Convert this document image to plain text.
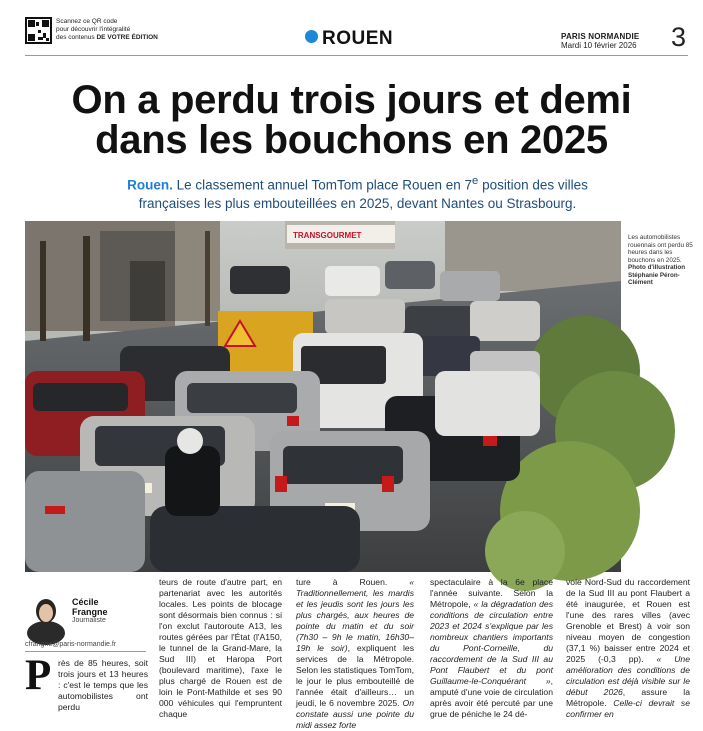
Scannez ce QR code
pour découvrir l'intégralité
des contenus DE VOTRE ÉDITION	ROUEN	PARIS NORMANDIE
Mardi 10 février 2026 3
On a perdu trois jours et demi
dans les bouchons en 2025
Rouen. Le classement annuel TomTom place Rouen en 7e position des villes françaises les plus embouteillées en 2025, devant Nantes ou Strasbourg.
TRANSGOURMET	Les automobilistes rouennais ont perdu 85 heures dans les bouchons en 2025.
Photo d'illustration
Stéphanie Péron-Clément
Cécile
Frangne
Journaliste
cfrangne@paris-normandie.fr
P rès de 85 heures, soit trois jours et 13 heures : c'est le temps que les automobilistes ont perdu
teurs de route d'autre part, en partenariat avec les autorités locales. Les points de blocage sont désormais bien connus : si l'on exclut l'autoroute A13, les routes gérées par l'État (l'A150, le tunnel de la Grand-Mare, la Sud III) et Haropa Port (boulevard maritime), l'axe le plus chargé de Rouen est de loin le Pont-Mathilde et ses 90 000 véhicules qui l'empruntent chaque
ture à Rouen. « Traditionnellement, les mardis et les jeudis sont les jours les plus chargés, aux heures de pointe du matin et du soir (7h30 – 9h le matin, 16h30–19h le soir), expliquent les services de la Métropole. Selon les statistiques TomTom, le jour le plus embouteillé de l'année était d'ailleurs… un jeudi, le 6 novembre 2025. On constate aussi une pointe du midi assez forte
spectaculaire à la 6e place l'année suivante. Selon la Métropole, « la dégradation des conditions de circulation entre 2023 et 2024 s'explique par les nombreux chantiers importants du Pont-Corneille, du raccordement de la Sud III au Pont Flaubert et du pont Guillaume-le-Conquérant », amputé d'une voie de circulation après avoir été percuté par une grue de péniche le 24 dé-
voie Nord-Sud du raccordement de la Sud III au pont Flaubert a été inaugurée, et Rouen est l'une des rares villes (avec Grenoble et Brest) à voir son niveau moyen de congestion (37,1 %) baisser entre 2024 et 2025 (-0,3 pp). « Une amélioration des conditions de circulation est déjà visible sur le début 2026, assure la Métropole. Celle-ci devrait se confirmer en
